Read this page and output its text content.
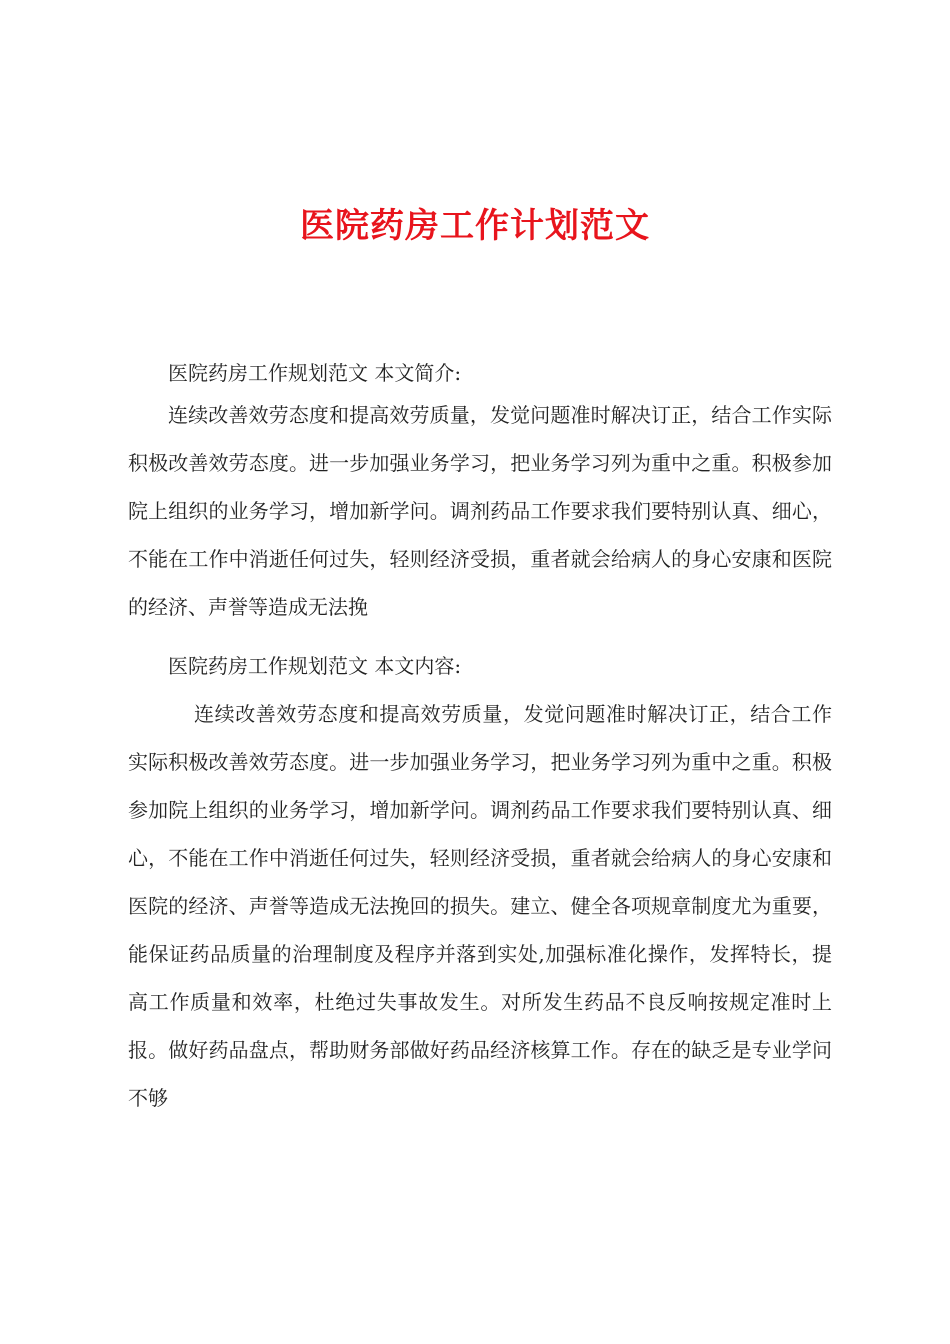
医院药房工作计划范文

医院药房工作规划范文 本文简介:

连续改善效劳态度和提高效劳质量，发觉问题准时解决订正，结合工作实际积极改善效劳态度。进一步加强业务学习，把业务学习列为重中之重。积极参加院上组织的业务学习，增加新学问。调剂药品工作要求我们要特别认真、细心，不能在工作中消逝任何过失，轻则经济受损，重者就会给病人的身心安康和医院的经济、声誉等造成无法挽

医院药房工作规划范文 本文内容:

连续改善效劳态度和提高效劳质量，发觉问题准时解决订正，结合工作实际积极改善效劳态度。进一步加强业务学习，把业务学习列为重中之重。积极参加院上组织的业务学习，增加新学问。调剂药品工作要求我们要特别认真、细心，不能在工作中消逝任何过失，轻则经济受损，重者就会给病人的身心安康和医院的经济、声誉等造成无法挽回的损失。建立、健全各项规章制度尤为重要，能保证药品质量的治理制度及程序并落到实处,加强标准化操作，发挥特长，提高工作质量和效率，杜绝过失事故发生。对所发生药品不良反响按规定准时上报。做好药品盘点，帮助财务部做好药品经济核算工作。存在的缺乏是专业学问不够
